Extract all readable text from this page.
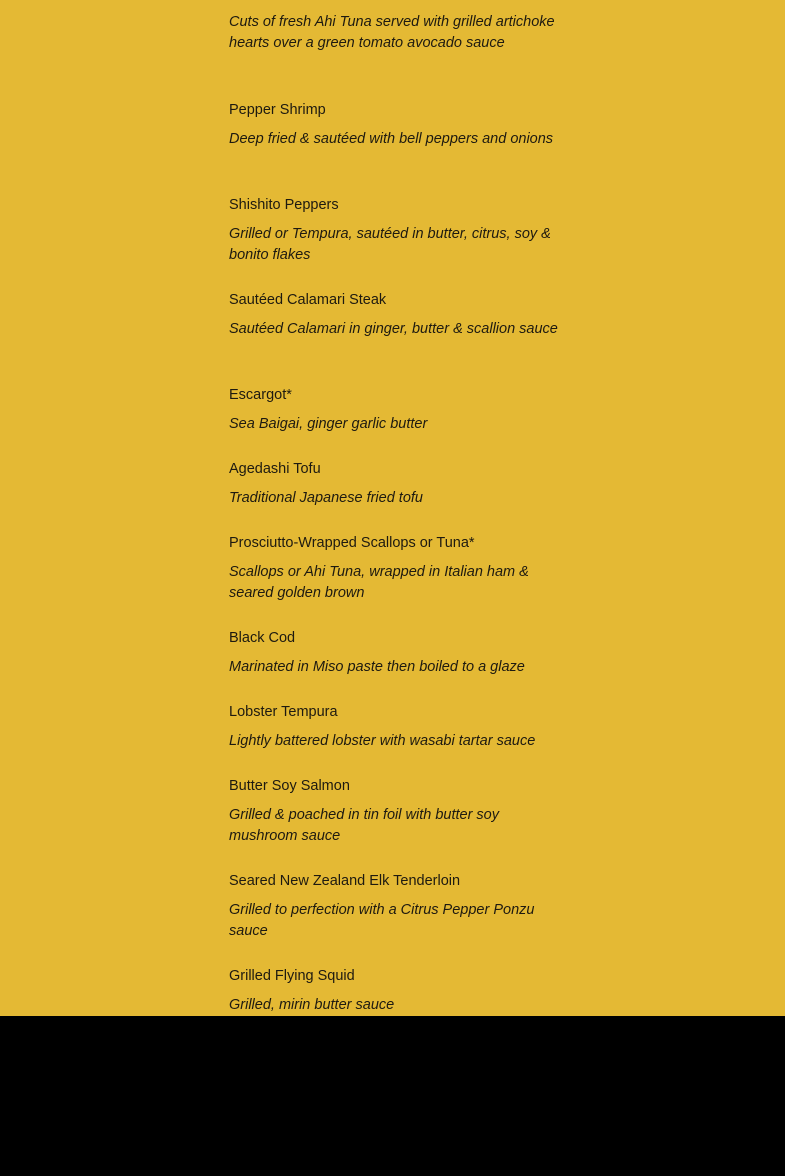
Cuts of fresh Ahi Tuna served with grilled artichoke hearts over a green tomato avocado sauce

Pepper Shrimp

Deep fried & sautéed with bell peppers and onions

Shishito Peppers

Grilled or Tempura, sautéed in butter, citrus, soy & bonito flakes

Sautéed Calamari Steak

Sautéed Calamari in ginger, butter & scallion sauce

Escargot*

Sea Baigai, ginger garlic butter

Agedashi Tofu

Traditional Japanese fried tofu

Prosciutto-Wrapped Scallops or Tuna*

Scallops or Ahi Tuna, wrapped in Italian ham & seared golden brown

Black Cod

Marinated in Miso paste then boiled to a glaze

Lobster Tempura

Lightly battered lobster with wasabi tartar sauce

Butter Soy Salmon

Grilled & poached in tin foil with butter soy mushroom sauce

Seared New Zealand Elk Tenderloin

Grilled to perfection with a Citrus Pepper Ponzu sauce

Grilled Flying Squid

Grilled, mirin butter sauce
